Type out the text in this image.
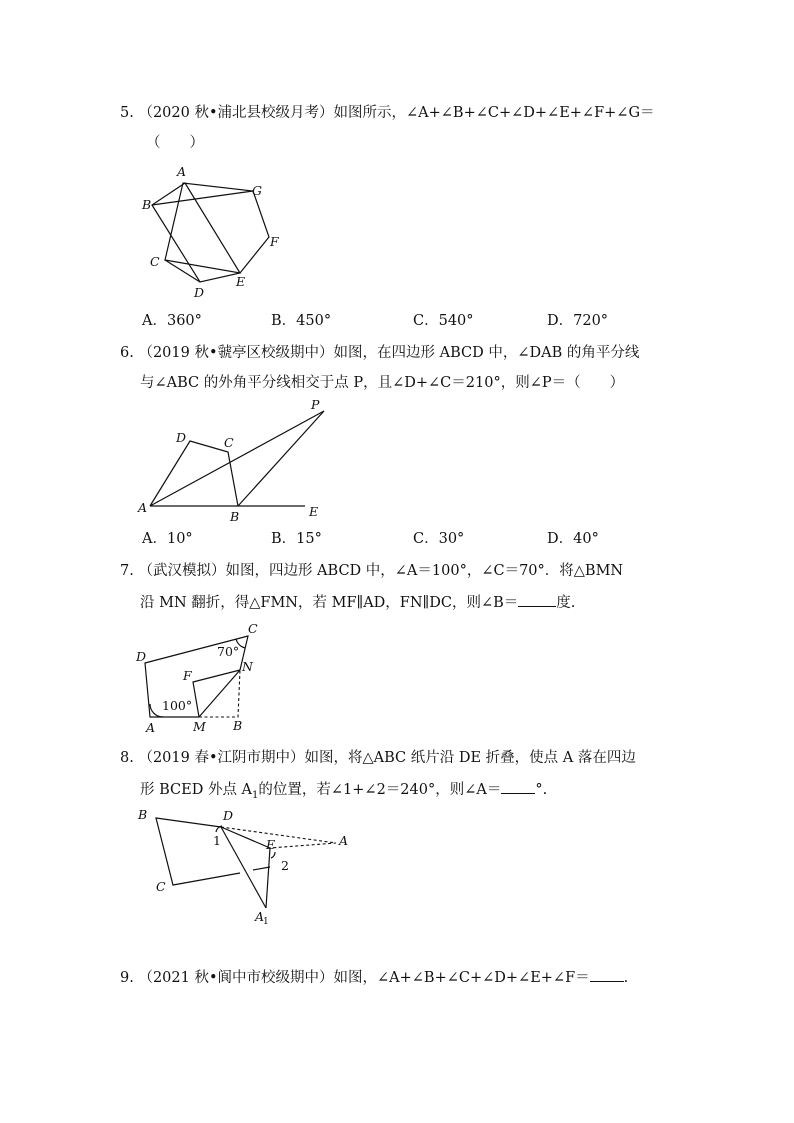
5. （2020 秋•浦北县校级月考）如图所示，∠A+∠B+∠C+∠D+∠E+∠F+∠G＝
（　　）
A
B
C
D
E
F
G
A．360°	B．450°	C．540°	D．720°
6. （2019 秋•虢亭区校级期中）如图，在四边形 ABCD 中，∠DAB 的角平分线
与∠ABC 的外角平分线相交于点 P，且∠D+∠C＝210°，则∠P＝（　　）
A
B
C
D
E
P
A．10°	B．15°	C．30°	D．40°
7. （武汉模拟）如图，四边形 ABCD 中，∠A＝100°，∠C＝70°．将△BMN
沿 MN 翻折，得△FMN，若 MF∥AD，FN∥DC，则∠B＝	度.
100°
70°
A	B
C
D
F
M
N
8. （2019 春•江阴市期中）如图，将△ABC 纸片沿 DE 折叠，使点 A 落在四边
形 BCED 外点 $A_1$的位置，若∠1+∠2＝240°，则∠A＝ °.
B
C
D
E	A
A
1
1
2
9. （2021 秋•阆中市校级期中）如图，∠A+∠B+∠C+∠D+∠E+∠F＝ .
